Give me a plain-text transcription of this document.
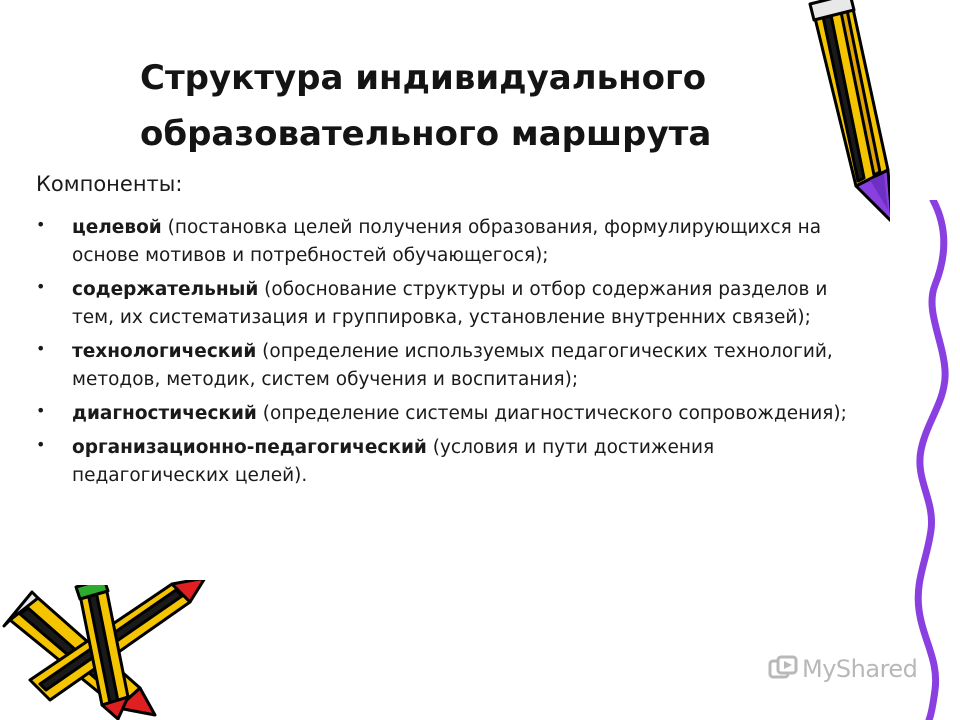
Структура индивидуального
образовательного маршрута
Компоненты:
• целевой (постановка целей получения образования, формулирующихся на основе мотивов и потребностей обучающегося);
• содержательный (обоснование структуры и отбор содержания разделов и тем, их систематизация и группировка, установление внутренних связей);
• технологический (определение используемых педагогических технологий, методов, методик, систем обучения и воспитания);
• диагностический (определение системы диагностического сопровождения);
• организационно-педагогический (условия и пути достижения педагогических целей).
MyShared
